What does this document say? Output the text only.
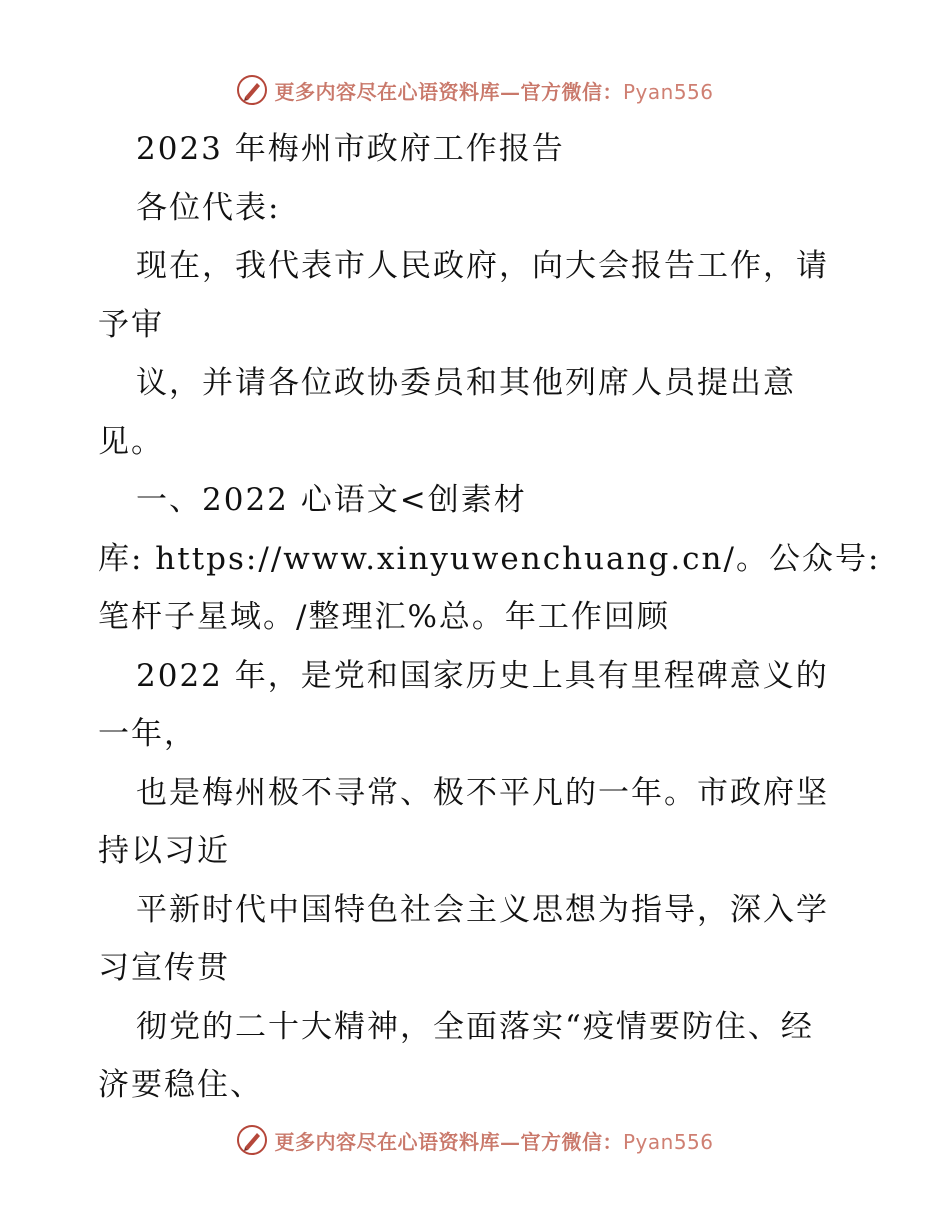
更多内容尽在心语资料库—官方微信：Pyan556
2023 年梅州市政府工作报告
各位代表:
现在，我代表市人民政府，向大会报告工作，请
予审
议，并请各位政协委员和其他列席人员提出意
见。
一、2022 心语文<创素材
库: https://www.xinyuwenchuang.cn/。公众号:
笔杆子星域。/整理汇%总。年工作回顾
2022 年，是党和国家历史上具有里程碑意义的
一年，
也是梅州极不寻常、极不平凡的一年。市政府坚
持以习近
平新时代中国特色社会主义思想为指导，深入学
习宣传贯
彻党的二十大精神，全面落实“疫情要防住、经
济要稳住、
更多内容尽在心语资料库—官方微信：Pyan556
